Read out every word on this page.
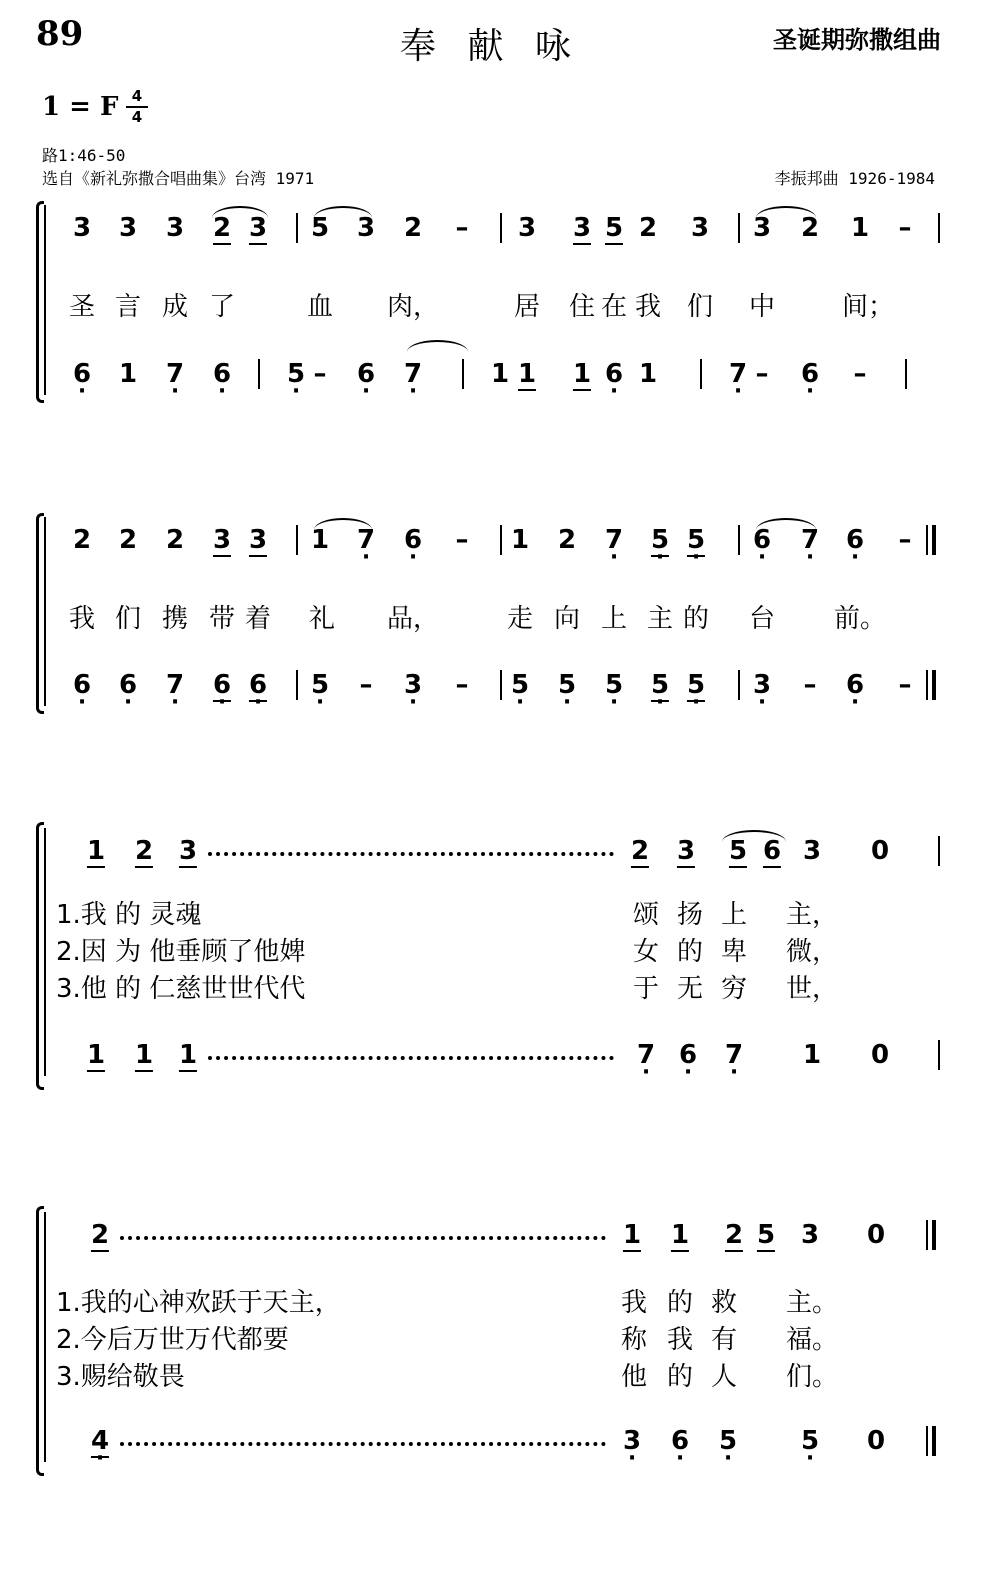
89	奉 献 咏	圣诞期弥撒组曲
1 = F 4
4
路1:46-50
选自《新礼弥撒合唱曲集》台湾 1971	李振邦曲 1926-1984
3 3 3 2 3 5 3 2 – 3 3 5 2 3 3 2 1 –
圣 言 成 了	血 肉，	居 住 在 我 们 中	间；
6 · 1 7 · 6 · 5 · – 6 · 7 ·	1 1 1 6 · 1	7 · – 6 · –
2 2 2 3 3 1 7 · 6 · – 1 2 7 · 5 · 5 · 6 · 7 · 6 · –
我 们 携 带 着 礼 品，	走 向 上 主 的 台 前。
6 · 6 · 7 · 6 · 6 · 5 · – 3 · – 5 · 5 · 5 · 5 · 5 · 3 · – 6 · –
1 2 3	2 3 5 6 3 0
1.我 的 灵魂	颂 扬 上 主，
2.因 为 他垂顾了他婢	女 的 卑 微，
3.他 的 仁慈世世代代	于 无 穷 世，
1 1 1	7 · 6 · 7 · 1 0
2	1 1 2 5 3 0
1.我的心神欢跃于天主，	我 的 救 主。
2.今后万世万代都要	称 我 有 福。
3.赐给敬畏	他 的 人 们。
4 ·	3 · 6 · 5 · 5 · 0
